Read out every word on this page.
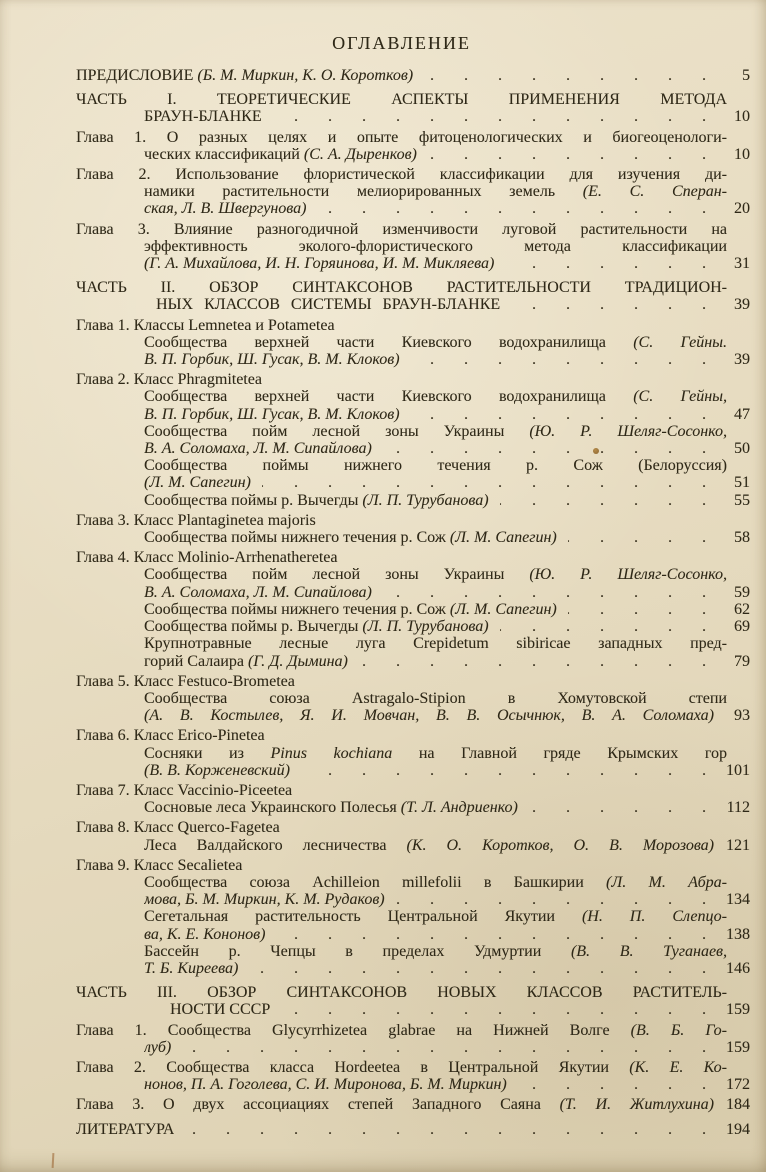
ОГЛАВЛЕНИЕ
ПРЕДИСЛОВИЕ (Б. М. Миркин, К. О. Коротков) . . .	5
ЧАСТЬ I. ТЕОРЕТИЧЕСКИЕ АСПЕКТЫ ПРИМЕНЕНИЯ МЕТОДА
БРАУН-БЛАНКЕ . . .	10
Глава 1. О разных целях и опыте фитоценологических и биогеоценологи-
ческих классификаций (С. А. Дыренков) . . .	10
Глава 2. Использование флористической классификации для изучения ди-
намики растительности мелиорированных земель (Е. С. Сперан-
ская, Л. В. Швергунова) . . .	20
Глава 3. Влияние разногодичной изменчивости луговой растительности на
эффективность эколого-флористического метода классификации
(Г. А. Михайлова, И. Н. Горяинова, И. М. Микляева) . . .	31
ЧАСТЬ II. ОБЗОР СИНТАКСОНОВ РАСТИТЕЛЬНОСТИ ТРАДИЦИОН-
НЫХ КЛАССОВ СИСТЕМЫ БРАУН-БЛАНКЕ . . .	39
Глава 1. Классы Lemnetea и Potametea
Сообщества верхней части Киевского водохранилища (С. Гейны.
В. П. Горбик, Ш. Гусак, В. М. Клоков) . . .	39
Глава 2. Класс Phragmitetea
Сообщества верхней части Киевского водохранилища (С. Гейны,
В. П. Горбик, Ш. Гусак, В. М. Клоков) . . .	47
Сообщества пойм лесной зоны Украины (Ю. Р. Шеляг-Сосонко,
В. А. Соломаха, Л. М. Сипайлова) . . .	50
Сообщества поймы нижнего течения р. Сож (Белоруссия)
(Л. М. Сапегин) . . .	51
Сообщества поймы р. Вычегды (Л. П. Турубанова) . . .	55
Глава 3. Класс Plantaginetea majoris
Сообщества поймы нижнего течения р. Сож (Л. М. Сапегин) . . .	58
Глава 4. Класс Molinio-Arrhenatheretea
Сообщества пойм лесной зоны Украины (Ю. Р. Шеляг-Сосонко,
В. А. Соломаха, Л. М. Сипайлова) . . .	59
Сообщества поймы нижнего течения р. Сож (Л. М. Сапегин) . . .	62
Сообщества поймы р. Вычегды (Л. П. Турубанова) . . .	69
Крупнотравные лесные луга Crepidetum sibiricae западных пред-
горий Салаира (Г. Д. Дымина) . . .	79
Глава 5. Класс Festuco-Brometea
Сообщества союза Astragalo-Stipion в Хомутовской степи
(А. В. Костылев, Я. И. Мовчан, В. В. Осычнюк, В. А. Соломаха)	93
Глава 6. Класс Erico-Pinetea
Сосняки из Pinus kochiana на Главной гряде Крымских гор
(В. В. Корженевский) . . .	101
Глава 7. Класс Vaccinio-Piceetea
Сосновые леса Украинского Полесья (Т. Л. Андриенко) . . .	112
Глава 8. Класс Querco-Fagetea
Леса Валдайского лесничества (К. О. Коротков, О. В. Морозова) 121
Глава 9. Класс Secalietea
Сообщества союза Achilleion millefolii в Башкирии (Л. М. Абра-
мова, Б. М. Миркин, К. М. Рудаков) . . .	134
Сегетальная растительность Центральной Якутии (Н. П. Слепцо-
ва, К. Е. Кононов) . . .	138
Бассейн р. Чепцы в пределах Удмуртии (В. В. Туганаев,
Т. Б. Киреева) . . .	146
ЧАСТЬ III. ОБЗОР СИНТАКСОНОВ НОВЫХ КЛАССОВ РАСТИТЕЛЬ-
НОСТИ СССР . . .	159
Глава 1. Сообщества Glycyrrhizetea glabrae на Нижней Волге (В. Б. Го-
луб) . . .	159
Глава 2. Сообщества класса Hordeetea в Центральной Якутии (К. Е. Ко-
нонов, П. А. Гоголева, С. И. Миронова, Б. М. Миркин) . . .	172
Глава 3. О двух ассоциациях степей Западного Саяна (Т. И. Житлухина) 184
ЛИТЕРАТУРА . . .	194
